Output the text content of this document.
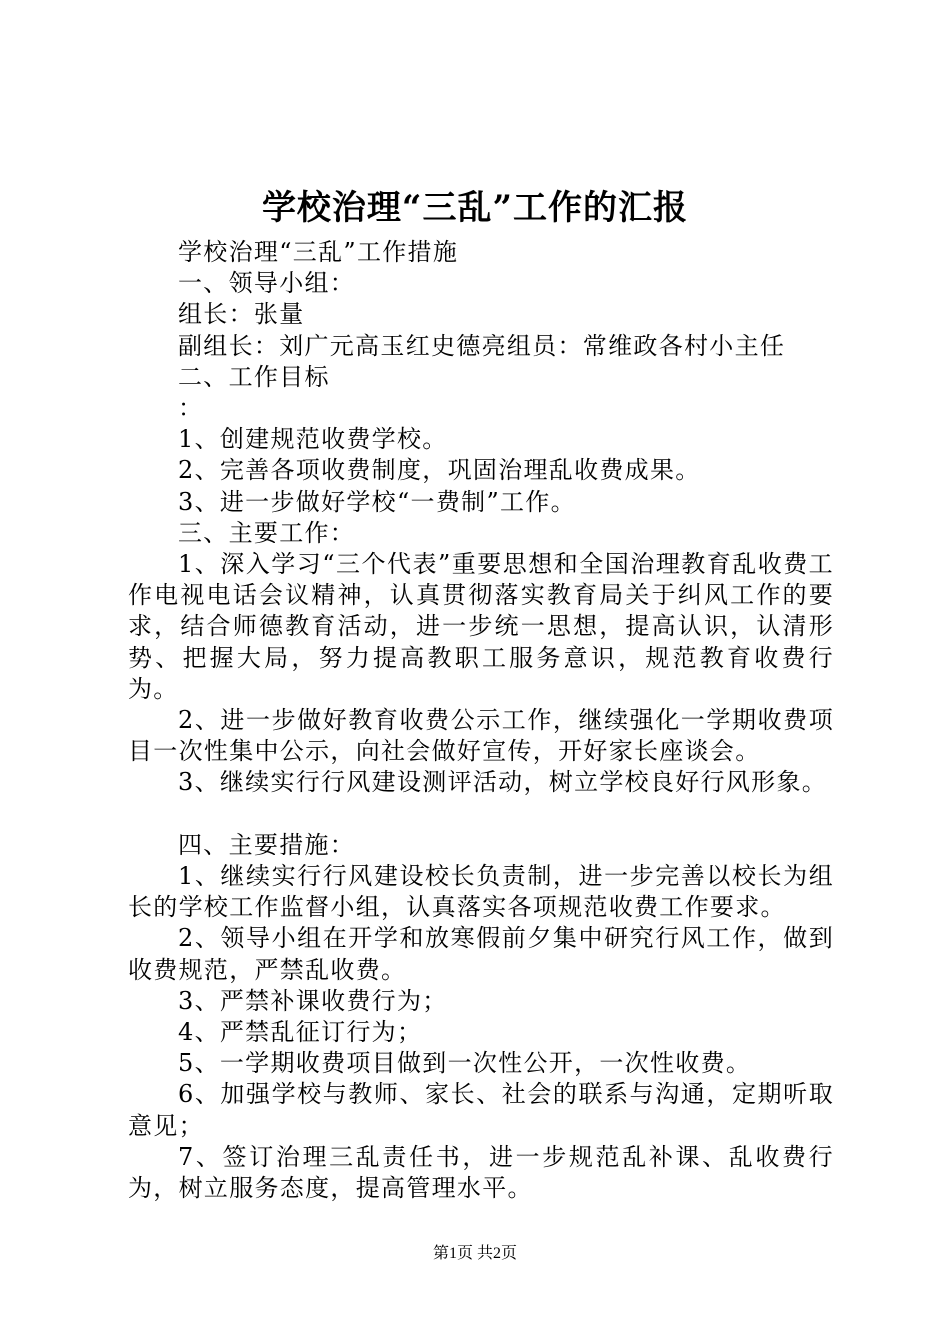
学校治理“三乱”工作的汇报

学校治理“三乱”工作措施

一、领导小组：

组长：张量

副组长：刘广元高玉红史德亮组员：常维政各村小主任

二、工作目标

：

1、创建规范收费学校。

2、完善各项收费制度，巩固治理乱收费成果。

3、进一步做好学校“一费制”工作。

三、主要工作：

1、深入学习“三个代表”重要思想和全国治理教育乱收费工作电视电话会议精神，认真贯彻落实教育局关于纠风工作的要求，结合师德教育活动，进一步统一思想，提高认识，认清形势、把握大局，努力提高教职工服务意识，规范教育收费行为。

2、进一步做好教育收费公示工作，继续强化一学期收费项目一次性集中公示，向社会做好宣传，开好家长座谈会。

3、继续实行行风建设测评活动，树立学校良好行风形象。

四、主要措施：

1、继续实行行风建设校长负责制，进一步完善以校长为组长的学校工作监督小组，认真落实各项规范收费工作要求。

2、领导小组在开学和放寒假前夕集中研究行风工作，做到收费规范，严禁乱收费。

3、严禁补课收费行为；

4、严禁乱征订行为；

5、一学期收费项目做到一次性公开，一次性收费。

6、加强学校与教师、家长、社会的联系与沟通，定期听取意见；

7、签订治理三乱责任书，进一步规范乱补课、乱收费行为，树立服务态度，提高管理水平。

第1页 共2页
